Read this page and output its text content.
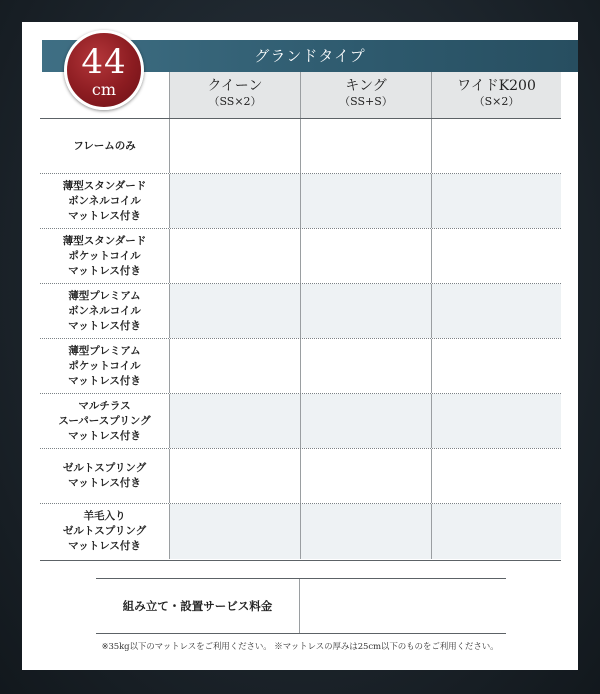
グランドタイプ
44
cm	クイーン
（SS×2）
キング
（SS+S）
ワイドK200
（S×2）
フレームのみ
薄型スタンダード
ボンネルコイル
マットレス付き
薄型スタンダード
ポケットコイル
マットレス付き
薄型プレミアム
ボンネルコイル
マットレス付き
薄型プレミアム
ポケットコイル
マットレス付き
マルチラス
スーパースプリング
マットレス付き
ゼルトスプリング
マットレス付き
羊毛入り
ゼルトスプリング
マットレス付き
組み立て・設置サービス料金
※35kg以下のマットレスをご利用ください。 ※マットレスの厚みは25cm以下のものをご利用ください。
